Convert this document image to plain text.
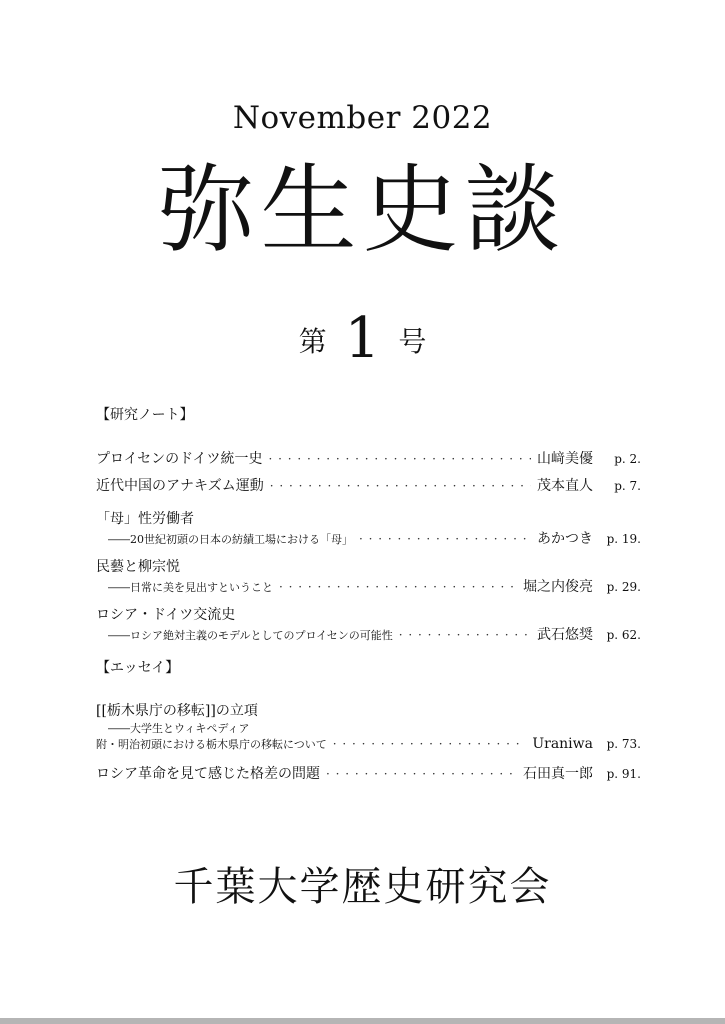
November 2022
弥生史談
第 1 号
【研究ノート】
プロイセンのドイツ統一史 · · ·	山﨑美優	p. 2.
近代中国のアナキズム運動 · · ·	茂本直人	p. 7.
「母」性労働者
――20世紀初頭の日本の紡績工場における「母」 · · ·	あかつき	p. 19.
民藝と柳宗悦
――日常に美を見出すということ · · ·	堀之内俊亮	p. 29.
ロシア・ドイツ交流史
――ロシア絶対主義のモデルとしてのプロイセンの可能性 · · ·	武石悠奨	p. 62.
【エッセイ】
[[栃木県庁の移転]]の立項
――大学生とウィキペディア
附・明治初頭における栃木県庁の移転について · · ·	Uraniwa	p. 73.
ロシア革命を見て感じた格差の問題 · · ·	石田真一郎	p. 91.
千葉大学歴史研究会
